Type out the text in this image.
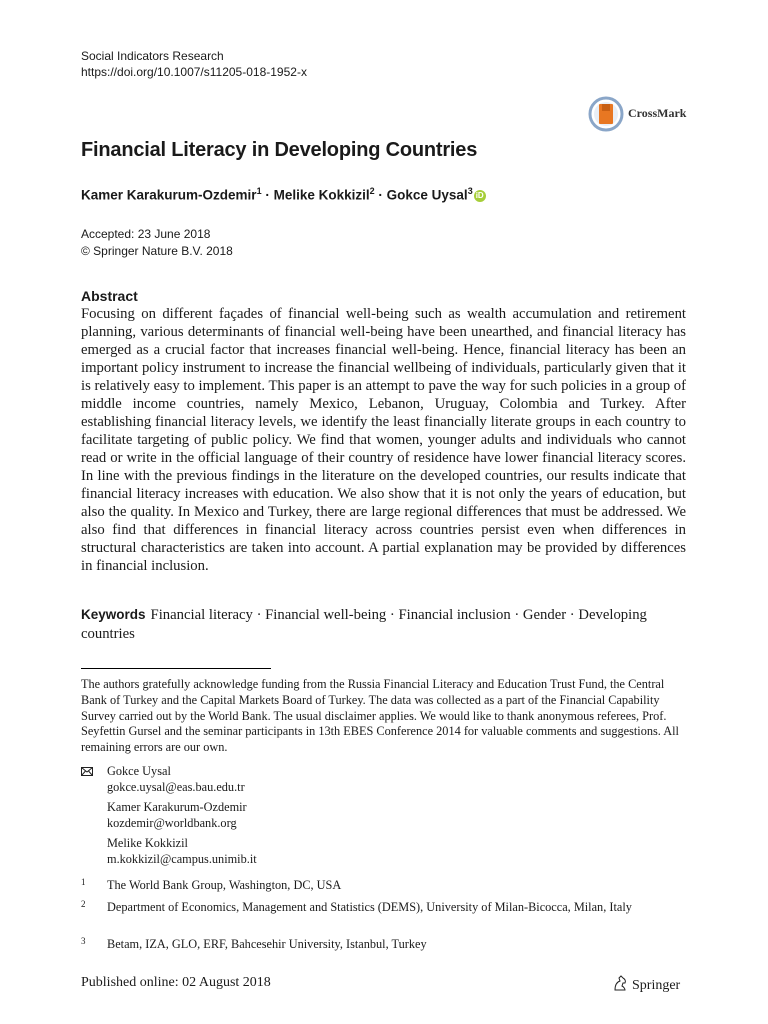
Social Indicators Research
https://doi.org/10.1007/s11205-018-1952-x
CrossMark
Financial Literacy in Developing Countries
Kamer Karakurum-Ozdemir$^1$ · Melike Kokkizil$^2$ · Gokce Uysal$^3$ iD
Accepted: 23 June 2018
© Springer Nature B.V. 2018
Abstract
Focusing on different façades of financial well-being such as wealth accumulation and retirement planning, various determinants of financial well-being have been unearthed, and financial literacy has emerged as a crucial factor that increases financial well-being. Hence, financial literacy has been an important policy instrument to increase the financial wellbeing of individuals, particularly given that it is relatively easy to implement. This paper is an attempt to pave the way for such policies in a group of middle income countries, namely Mexico, Lebanon, Uruguay, Colombia and Turkey. After establishing financial literacy levels, we identify the least financially literate groups in each country to facilitate targeting of public policy. We find that women, younger adults and individuals who cannot read or write in the official language of their country of residence have lower financial literacy scores. In line with the previous findings in the literature on the developed countries, our results indicate that financial literacy increases with education. We also show that it is not only the years of education, but also the quality. In Mexico and Turkey, there are large regional differences that must be addressed. We also find that differences in financial literacy across countries persist even when differences in structural characteristics are taken into account. A partial explanation may be provided by differences in financial inclusion.
Keywords Financial literacy · Financial well-being · Financial inclusion · Gender · Developing countries
The authors gratefully acknowledge funding from the Russia Financial Literacy and Education Trust Fund, the Central Bank of Turkey and the Capital Markets Board of Turkey. The data was collected as a part of the Financial Capability Survey carried out by the World Bank. The usual disclaimer applies. We would like to thank anonymous referees, Prof. Seyfettin Gursel and the seminar participants in 13th EBES Conference 2014 for valuable comments and suggestions. All remaining errors are our own.
Gokce Uysal
gokce.uysal@eas.bau.edu.tr
Kamer Karakurum-Ozdemir
kozdemir@worldbank.org
Melike Kokkizil
m.kokkizil@campus.unimib.it
1 The World Bank Group, Washington, DC, USA
2 Department of Economics, Management and Statistics (DEMS), University of Milan-Bicocca, Milan, Italy
3 Betam, IZA, GLO, ERF, Bahcesehir University, Istanbul, Turkey
Published online: 02 August 2018	Springer
